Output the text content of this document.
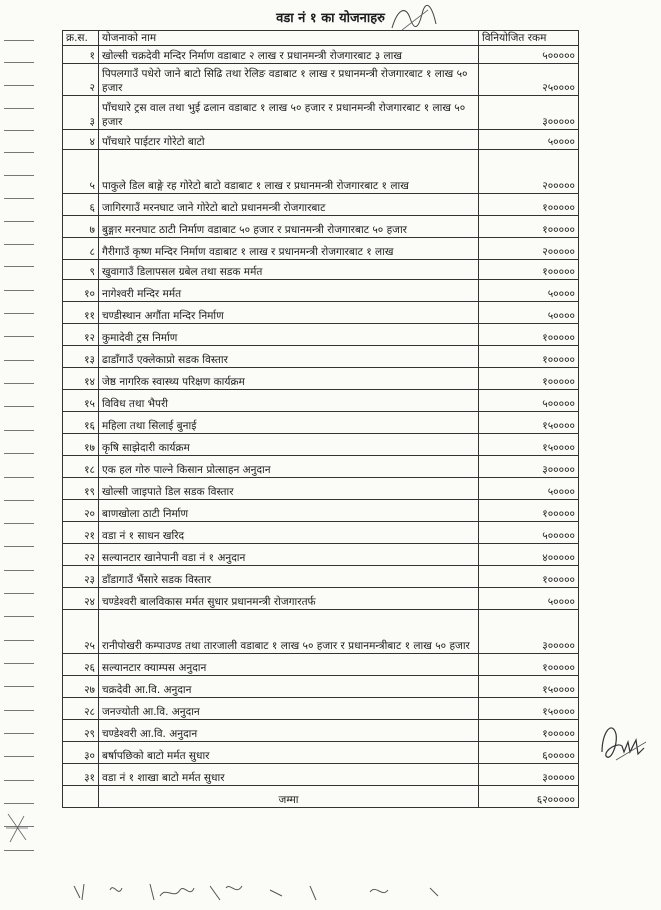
वडा नं १ का योजनाहरु
क्र.स.	योजनाको नाम	विनियोजित रकम
१	खोल्सी चक्रदेवी मन्दिर निर्माण वडाबाट २ लाख र प्रधानमन्त्री रोजगारबाट ३ लाख	५०००००
२	पिपलगाउँ पधेरो जाने बाटो सिढि तथा रेलिङ वडाबाट १ लाख र प्रधानमन्त्री रोजगारबाट १ लाख ५० हजार	२५००००
३	पाँचधारे ट्रस वाल तथा भुई ढलान वडाबाट १ लाख ५० हजार र प्रधानमन्त्री रोजगारबाट १ लाख ५० हजार	३०००००
४	पाँचधारे पाईटार गोरेटो बाटो	५००००
५	पाकुले डिल बाङ्गे रह गोरेटो बाटो वडाबाट १ लाख र प्रधानमन्त्री रोजगारबाट १ लाख	२०००००
६	जागिरगाउँ मरनघाट जाने गोरेटो बाटो प्रधानमन्त्री रोजगारबाट	१०००००
७	बुङ्गार मरनघाट ठाटी निर्माण वडाबाट ५० हजार र प्रधानमन्त्री रोजगारबाट ५० हजार	१०००००
८	गैरीगाउँ कृष्ण मन्दिर निर्माण वडाबाट १ लाख र प्रधानमन्त्री रोजगारबाट १ लाख	२०००००
९	खुवागाउँ डिलापसल ग्रबेल तथा सडक मर्मत	१०००००
१०	नागेश्वरी मन्दिर मर्मत	५००००
११	चण्डीस्थान अगौंता मन्दिर निर्माण	५००००
१२	कुमादेवी ट्रस निर्माण	१०००००
१३	ढाडाँगाउँ एक्लेकाप्रो सडक विस्तार	१०००००
१४	जेष्ठ नागरिक स्वास्थ्य परिक्षण कार्यक्रम	१०००००
१५	विविध तथा भैपरी	५०००००
१६	महिला तथा सिलाई बुनाई	१५००००
१७	कृषि साझेदारी कार्यक्रम	१५००००
१८	एक हल गोरु पाल्ने किसान प्रोत्साहन अनुदान	३०००००
१९	खोल्सी जाइपाते डिल सडक विस्तार	५००००
२०	बाणखोला ठाटी निर्माण	१०००००
२१	वडा नं १ साधन खरिद	५०००००
२२	सल्यानटार खानेपानी वडा नं १ अनुदान	४०००००
२३	डाँडागाउँ भैंसारे सडक विस्तार	१०००००
२४	चण्डेश्वरी बालविकास मर्मत सुधार प्रधानमन्त्री रोजगारतर्फ	५००००
२५	रानीपोखरी कम्पाउण्ड तथा तारजाली वडाबाट १ लाख ५० हजार र प्रधानमन्त्रीबाट १ लाख ५० हजार	३०००००
२६	सल्यानटार क्याम्पस अनुदान	१०००००
२७	चक्रदेवी आ.वि. अनुदान	१५००००
२८	जनज्योती आ.वि. अनुदान	१५००००
२९	चण्डेश्वरी आ.वि. अनुदान	१०००००
३०	बर्षापछिको बाटो मर्मत सुधार	६०००००
३१	वडा नं १ शाखा बाटो मर्मत सुधार	३०००००
	जम्मा	६२०००००
